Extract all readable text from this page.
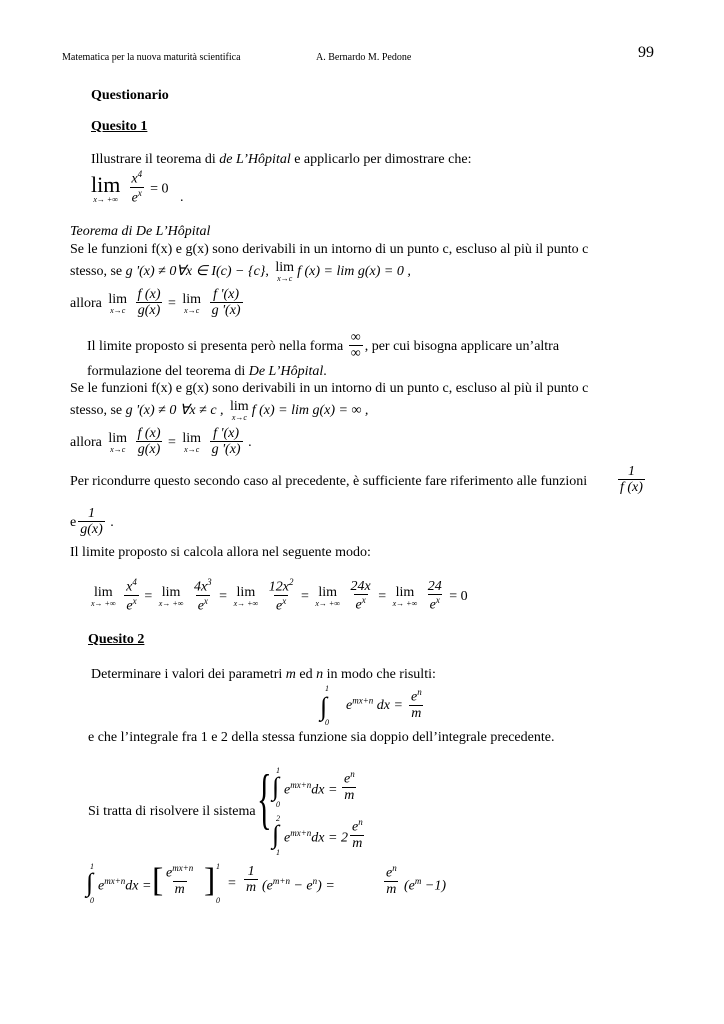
Matematica per la nuova maturità scientifica	A. Bernardo M. Pedone	99
Questionario
Quesito 1
Illustrare il teorema di de L’Hôpital e applicarlo per dimostrare che:
lim
x→ +∞
$\frac{x^4}{e^x} = 0$
.
Teorema di De L’Hôpital
Se le funzioni f(x) e g(x) sono derivabili in un intorno di un punto c, escluso al più il punto c
stesso, se g '(x) ≠ 0∀x ∈ I(c) − {c}, lim
x→c f (x) = lim g(x) = 0 ,
allora lim
x→c
$\frac{f (x)}{g(x)} = \lim$
x→c
$\frac{f '(x)}{g '(x)}$
Il limite proposto si presenta però nella forma $\frac{\infty}{\infty}$ , per cui bisogna applicare un’altra
formulazione del teorema di De L’Hôpital.
Se le funzioni f(x) e g(x) sono derivabili in un intorno di un punto c, escluso al più il punto c
stesso, se g '(x) ≠ 0 ∀x ≠ c , lim
x→c f (x) = lim g(x) = ∞ ,
allora lim
x→c
$\frac{f (x)}{g(x)} = \lim$
x→c
$\frac{f '(x)}{g '(x)}$ .
Per ricondurre questo secondo caso al precedente, è sufficiente fare riferimento alle funzioni $\frac{1}{f (x)}$
e $\frac{1}{g(x)}$ .
Il limite proposto si calcola allora nel seguente modo:
lim
x→ +∞
$\frac{x^4}{e^x} = \lim$
x→ +∞
$\frac{4x^3}{e^x} = \lim$
x→ +∞
$\frac{12x^2}{e^x} = \lim$
x→ +∞
$\frac{24x}{e^x} = \lim$
x→ +∞
$\frac{24}{e^x} = 0$
Quesito 2
Determinare i valori dei parametri m ed n in modo che risulti:
1
∫
0
$e^{mx+n}$ dx = $\frac{e^n}{m}$
e che l’integrale fra 1 e 2 della stessa funzione sia doppio dell’integrale precedente.
Si tratta di risolvere il sistema { 1
∫
0
$e^{mx+n}dx = \frac{e^n}{m}$
2
∫
1
$e^{mx+n}dx = 2 \frac{e^n}{m}$
1
∫
0
$e^{mx+n}dx$ = [ $e^{mx+n}$
m ] 1
0
= $\frac{1}{m} (e^{m+n} - e^n)$ =	$\frac{e^n}{m} (e^m -1)$
